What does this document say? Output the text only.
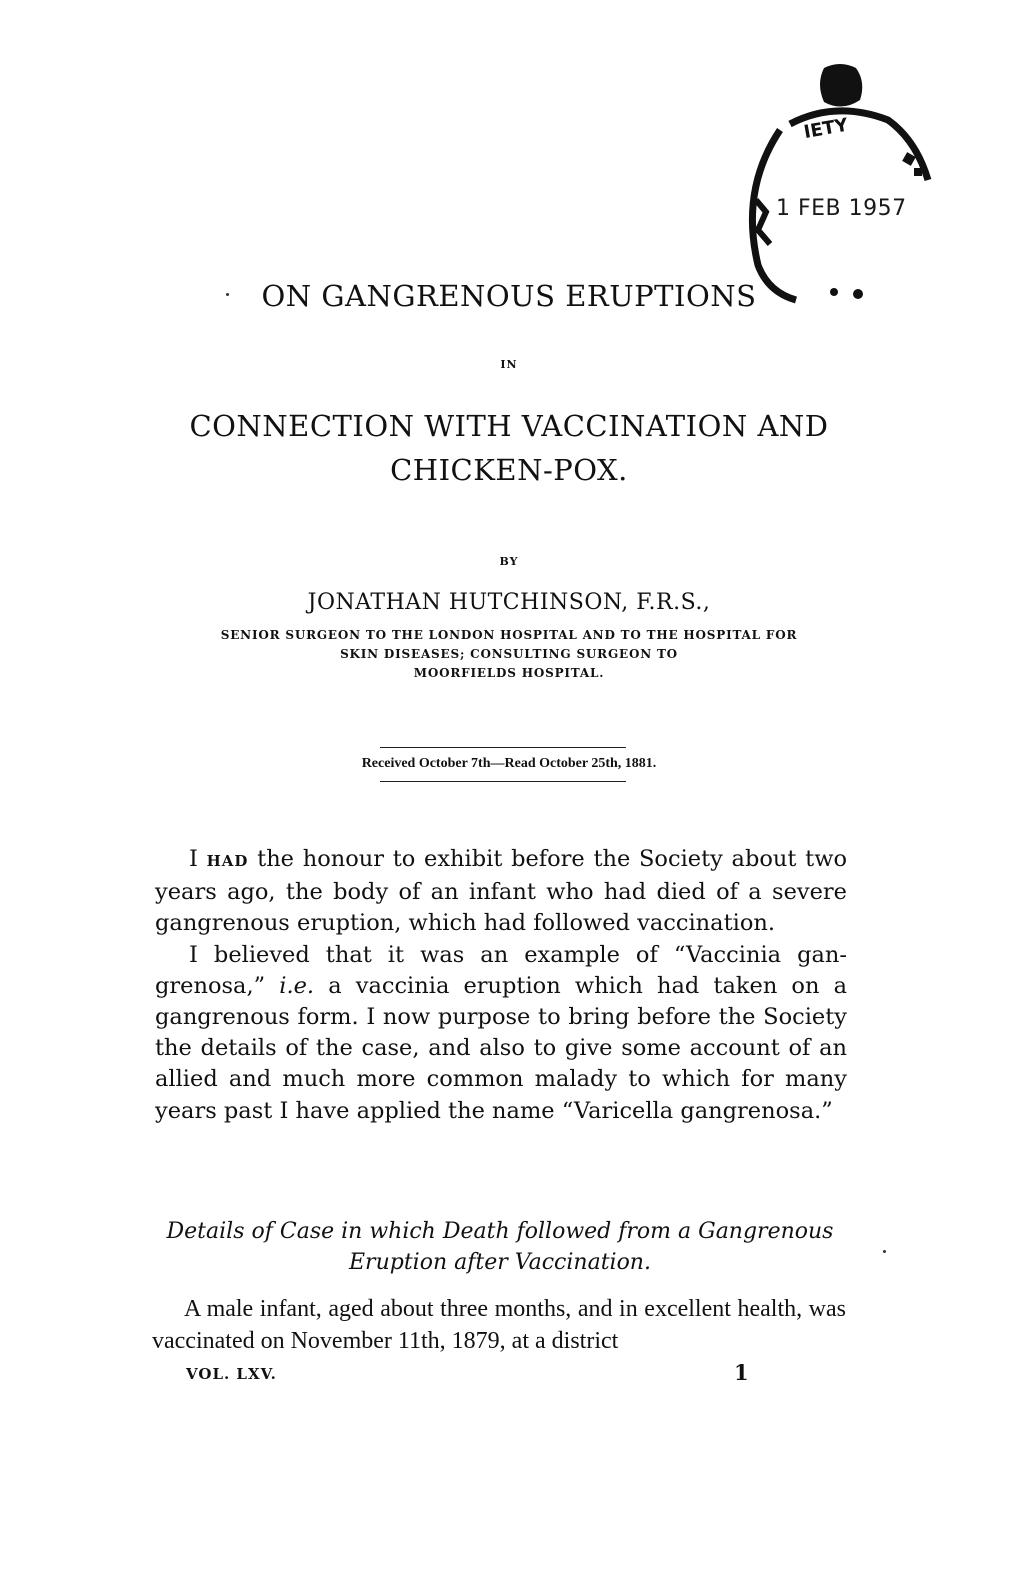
IETY
1 FEB 1957
ON GANGRENOUS ERUPTIONS
IN
CONNECTION WITH VACCINATION AND
CHICKEN-POX.
BY
JONATHAN HUTCHINSON, F.R.S.,
SENIOR SURGEON TO THE LONDON HOSPITAL AND TO THE HOSPITAL FOR
SKIN DISEASES; CONSULTING SURGEON TO
MOORFIELDS HOSPITAL.
Received October 7th—Read October 25th, 1881.

I HAD the honour to exhibit before the Society about two years ago, the body of an infant who had died of a severe gangrenous eruption, which had followed vaccination.

I believed that it was an example of “Vaccinia gangrenosa,” i.e. a vaccinia eruption which had taken on a gangrenous form. I now purpose to bring before the Society the details of the case, and also to give some account of an allied and much more common malady to which for many years past I have applied the name “Varicella gangrenosa.”

Details of Case in which Death followed from a Gangrenous
Eruption after Vaccination.

A male infant, aged about three months, and in excellent health, was vaccinated on November 11th, 1879, at a district

VOL. LXV.	1
